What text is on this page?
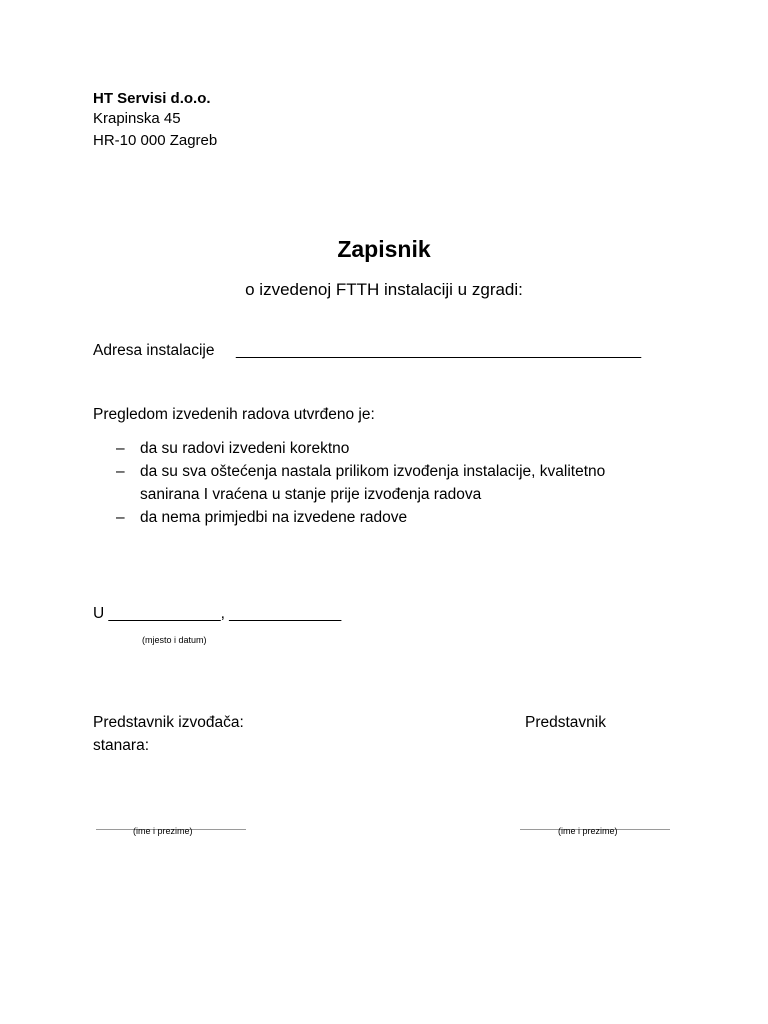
HT Servisi d.o.o.
Krapinska 45
HR-10 000 Zagreb
Zapisnik
o izvedenoj FTTH instalaciji u zgradi:
Adresa instalacije _______________________________________________
Pregledom izvedenih radova utvrđeno je:
– da su radovi izvedeni korektno
– da su sva oštećenja nastala prilikom izvođenja instalacije, kvalitetno
sanirana I vraćena u stanje prije izvođenja radova
– da nema primjedbi na izvedene radove
U _____________, _____________
(mjesto i datum)
Predstavnik izvođača:	Predstavnik
stanara:
(ime i prezime)	(ime i prezime)
